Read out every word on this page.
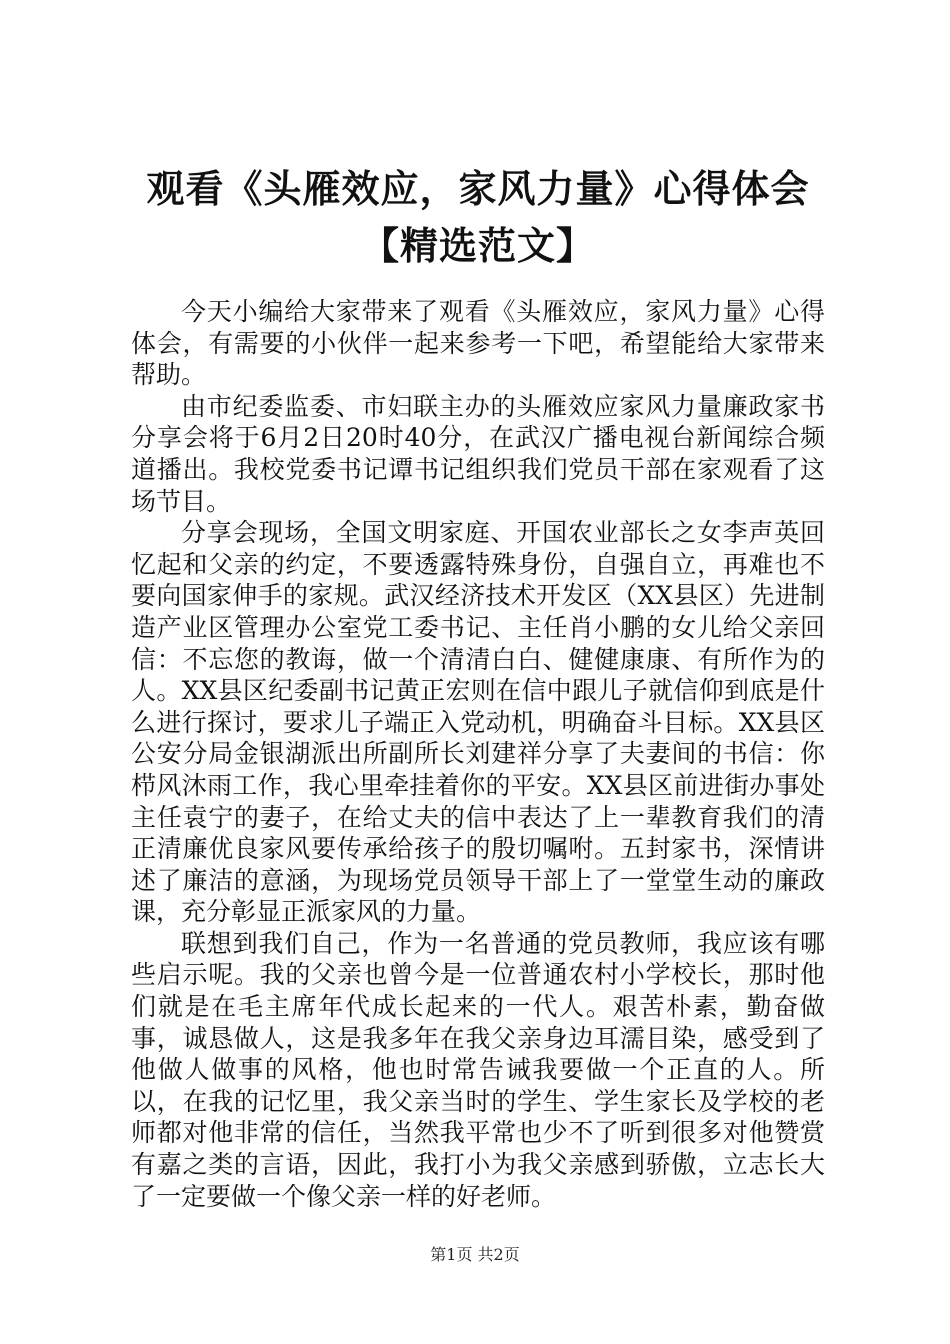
观看《头雁效应，家风力量》心得体会【精选范文】

今天小编给大家带来了观看《头雁效应，家风力量》心得体会，有需要的小伙伴一起来参考一下吧，希望能给大家带来帮助。

由市纪委监委、市妇联主办的头雁效应家风力量廉政家书分享会将于6月2日20时40分，在武汉广播电视台新闻综合频道播出。我校党委书记谭书记组织我们党员干部在家观看了这场节目。

分享会现场，全国文明家庭、开国农业部长之女李声英回忆起和父亲的约定，不要透露特殊身份，自强自立，再难也不要向国家伸手的家规。武汉经济技术开发区（XX县区）先进制造产业区管理办公室党工委书记、主任肖小鹏的女儿给父亲回信：不忘您的教诲，做一个清清白白、健健康康、有所作为的人。XX县区纪委副书记黄正宏则在信中跟儿子就信仰到底是什么进行探讨，要求儿子端正入党动机，明确奋斗目标。XX县区公安分局金银湖派出所副所长刘建祥分享了夫妻间的书信：你栉风沐雨工作，我心里牵挂着你的平安。XX县区前进街办事处主任袁宁的妻子，在给丈夫的信中表达了上一辈教育我们的清正清廉优良家风要传承给孩子的殷切嘱咐。五封家书，深情讲述了廉洁的意涵，为现场党员领导干部上了一堂堂生动的廉政课，充分彰显正派家风的力量。

联想到我们自己，作为一名普通的党员教师，我应该有哪些启示呢。我的父亲也曾今是一位普通农村小学校长，那时他们就是在毛主席年代成长起来的一代人。艰苦朴素，勤奋做事，诚恳做人，这是我多年在我父亲身边耳濡目染，感受到了他做人做事的风格，他也时常告诫我要做一个正直的人。所以，在我的记忆里，我父亲当时的学生、学生家长及学校的老师都对他非常的信任，当然我平常也少不了听到很多对他赞赏有嘉之类的言语，因此，我打小为我父亲感到骄傲，立志长大了一定要做一个像父亲一样的好老师。

第1页 共2页
